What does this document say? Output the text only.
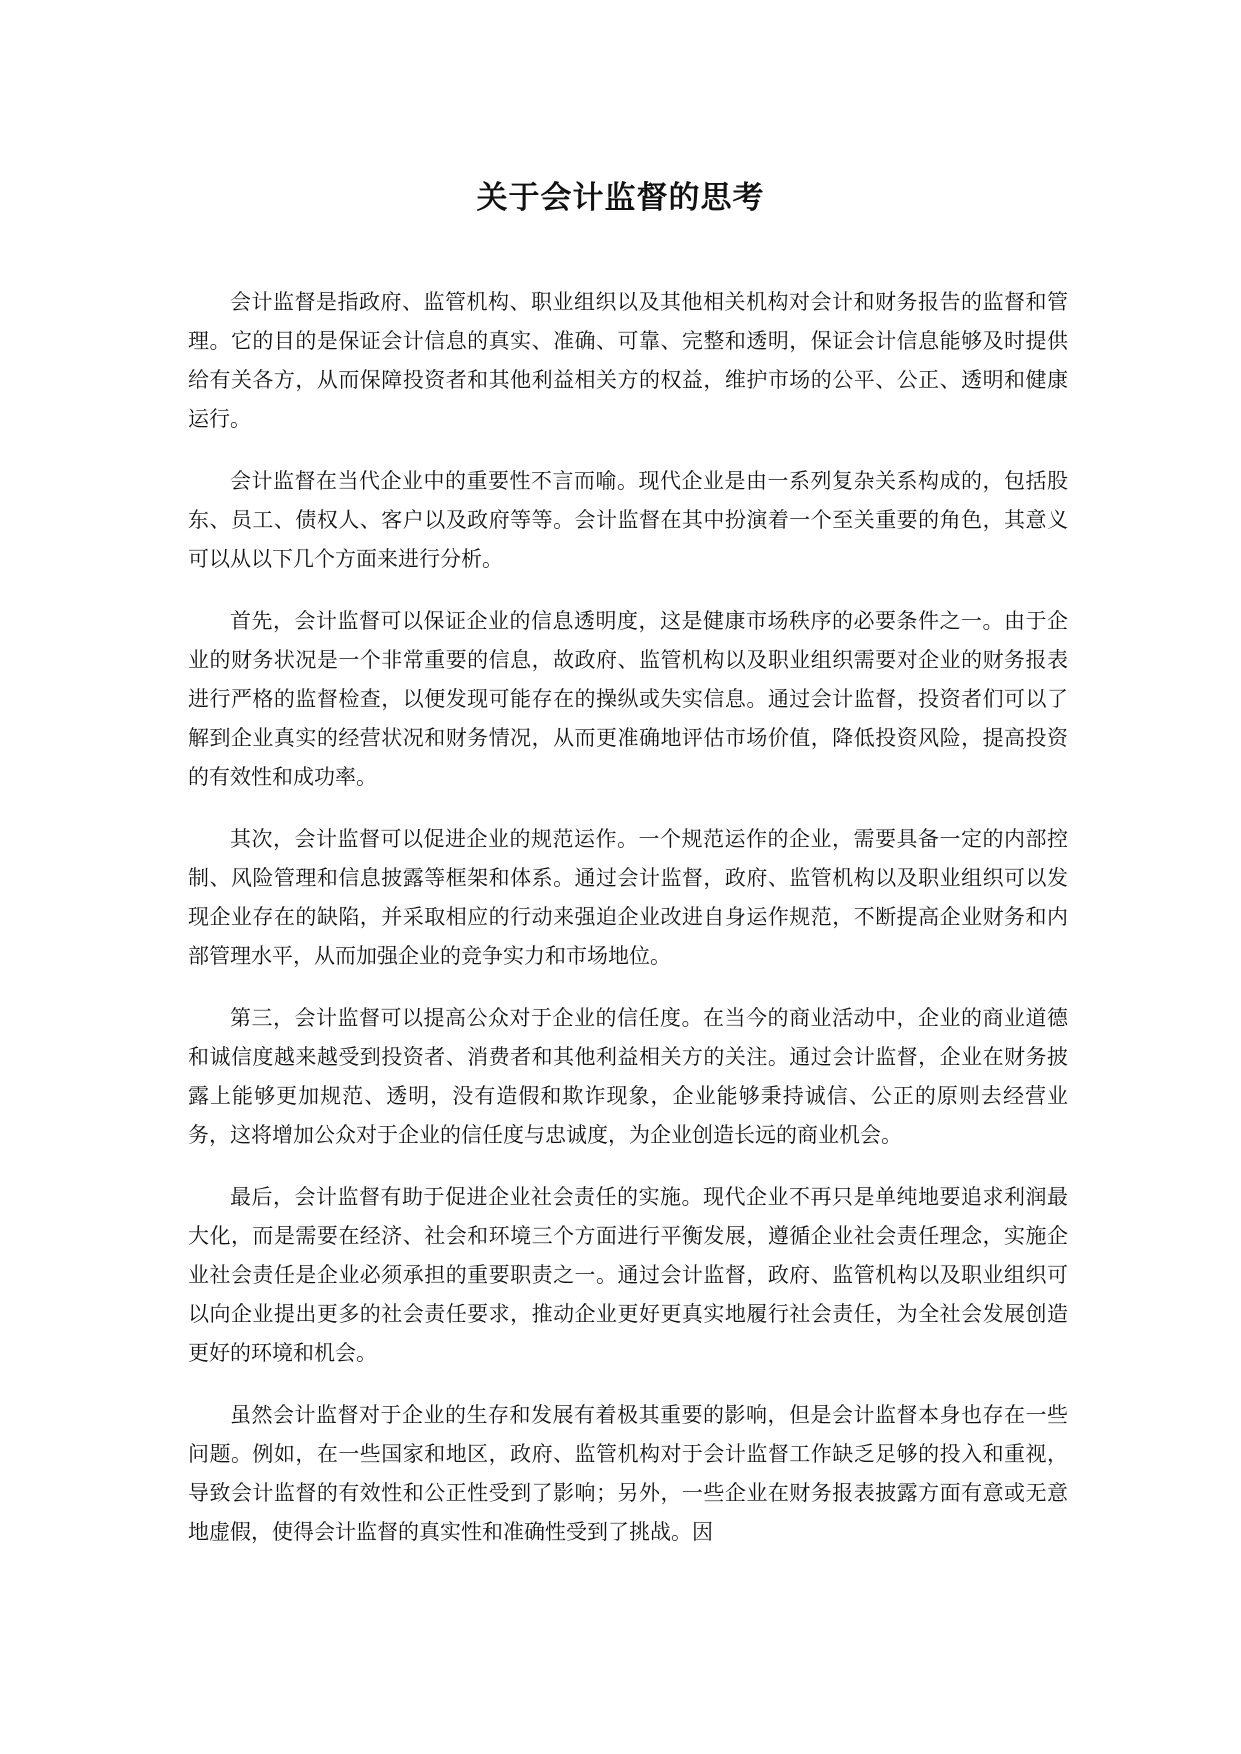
关于会计监督的思考

会计监督是指政府、监管机构、职业组织以及其他相关机构对会计和财务报告的监督和管理。它的目的是保证会计信息的真实、准确、可靠、完整和透明，保证会计信息能够及时提供给有关各方，从而保障投资者和其他利益相关方的权益，维护市场的公平、公正、透明和健康运行。

会计监督在当代企业中的重要性不言而喻。现代企业是由一系列复杂关系构成的，包括股东、员工、债权人、客户以及政府等等。会计监督在其中扮演着一个至关重要的角色，其意义可以从以下几个方面来进行分析。

首先，会计监督可以保证企业的信息透明度，这是健康市场秩序的必要条件之一。由于企业的财务状况是一个非常重要的信息，故政府、监管机构以及职业组织需要对企业的财务报表进行严格的监督检查，以便发现可能存在的操纵或失实信息。通过会计监督，投资者们可以了解到企业真实的经营状况和财务情况，从而更准确地评估市场价值，降低投资风险，提高投资的有效性和成功率。

其次，会计监督可以促进企业的规范运作。一个规范运作的企业，需要具备一定的内部控制、风险管理和信息披露等框架和体系。通过会计监督，政府、监管机构以及职业组织可以发现企业存在的缺陷，并采取相应的行动来强迫企业改进自身运作规范，不断提高企业财务和内部管理水平，从而加强企业的竞争实力和市场地位。

第三，会计监督可以提高公众对于企业的信任度。在当今的商业活动中，企业的商业道德和诚信度越来越受到投资者、消费者和其他利益相关方的关注。通过会计监督，企业在财务披露上能够更加规范、透明，没有造假和欺诈现象，企业能够秉持诚信、公正的原则去经营业务，这将增加公众对于企业的信任度与忠诚度，为企业创造长远的商业机会。

最后，会计监督有助于促进企业社会责任的实施。现代企业不再只是单纯地要追求利润最大化，而是需要在经济、社会和环境三个方面进行平衡发展，遵循企业社会责任理念，实施企业社会责任是企业必须承担的重要职责之一。通过会计监督，政府、监管机构以及职业组织可以向企业提出更多的社会责任要求，推动企业更好更真实地履行社会责任，为全社会发展创造更好的环境和机会。

虽然会计监督对于企业的生存和发展有着极其重要的影响，但是会计监督本身也存在一些问题。例如，在一些国家和地区，政府、监管机构对于会计监督工作缺乏足够的投入和重视，导致会计监督的有效性和公正性受到了影响；另外，一些企业在财务报表披露方面有意或无意地虚假，使得会计监督的真实性和准确性受到了挑战。因
